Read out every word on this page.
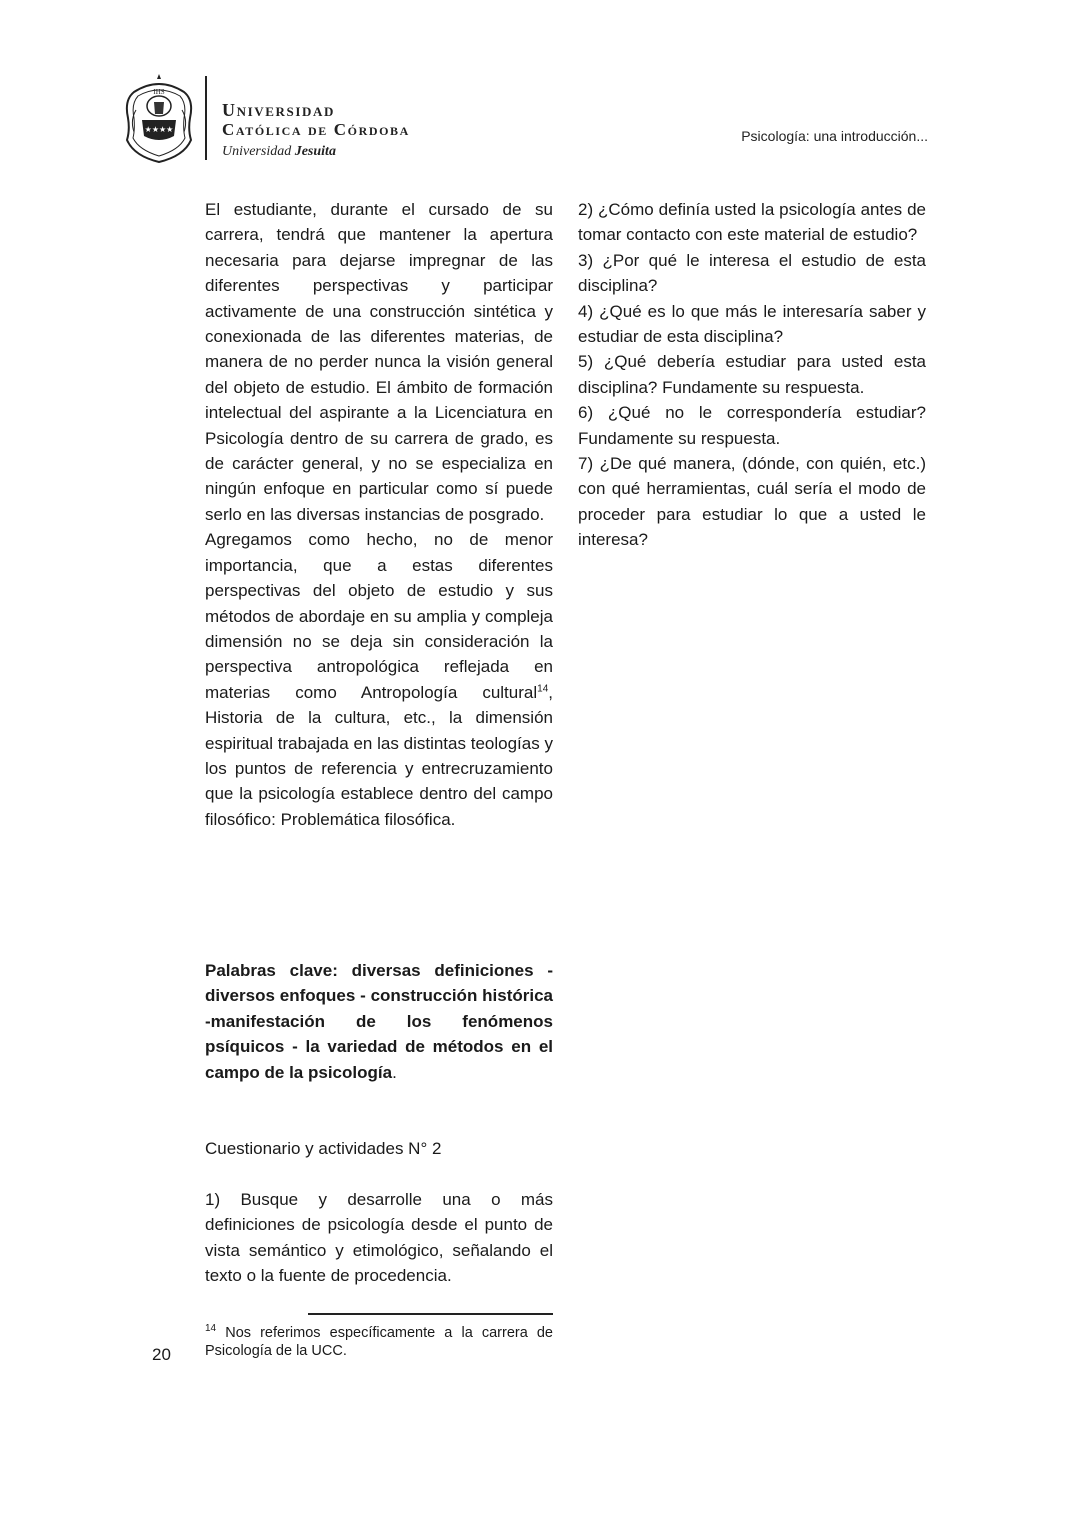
IHS
★★★★
Universidad
Católica de Córdoba
Universidad Jesuita
Psicología: una introducción...

El estudiante, durante el cursado de su carrera, tendrá que mantener la apertura necesaria para dejarse impregnar de las diferentes perspectivas y participar activamente de una construcción sintética y conexionada de las diferentes materias, de manera de no perder nunca la visión general del objeto de estudio. El ámbito de formación intelectual del aspirante a la Licenciatura en Psicología dentro de su carrera de grado, es de carácter general, y no se especializa en ningún enfoque en particular como sí puede serlo en las diversas instancias de posgrado.

Agregamos como hecho, no de menor importancia, que a estas diferentes perspectivas del objeto de estudio y sus métodos de abordaje en su amplia y compleja dimensión no se deja sin consideración la perspectiva antropológica reflejada en materias como Antropología cultural$^{14}$, Historia de la cultura, etc., la dimensión espiritual trabajada en las distintas teologías y los puntos de referencia y entrecruzamiento que la psicología establece dentro del campo filosófico: Problemática filosófica.

2) ¿Cómo definía usted la psicología antes de tomar contacto con este material de estudio?

3) ¿Por qué le interesa el estudio de esta disciplina?

4) ¿Qué es lo que más le interesaría saber y estudiar de esta disciplina?

5) ¿Qué debería estudiar para usted esta disciplina? Fundamente su respuesta.

6) ¿Qué no le correspondería estudiar? Fundamente su respuesta.

7) ¿De qué manera, (dónde, con quién, etc.) con qué herramientas, cuál sería el modo de proceder para estudiar lo que a usted le interesa?

Palabras clave: diversas definiciones - diversos enfoques - construcción histórica -manifestación de los fenómenos psíquicos - la variedad de métodos en el campo de la psicología.
Cuestionario y actividades N° 2
1) Busque y desarrolle una o más definiciones de psicología desde el punto de vista semántico y etimológico, señalando el texto o la fuente de procedencia.
$^{14}$ Nos referimos específicamente a la carrera de Psicología de la UCC.
20
